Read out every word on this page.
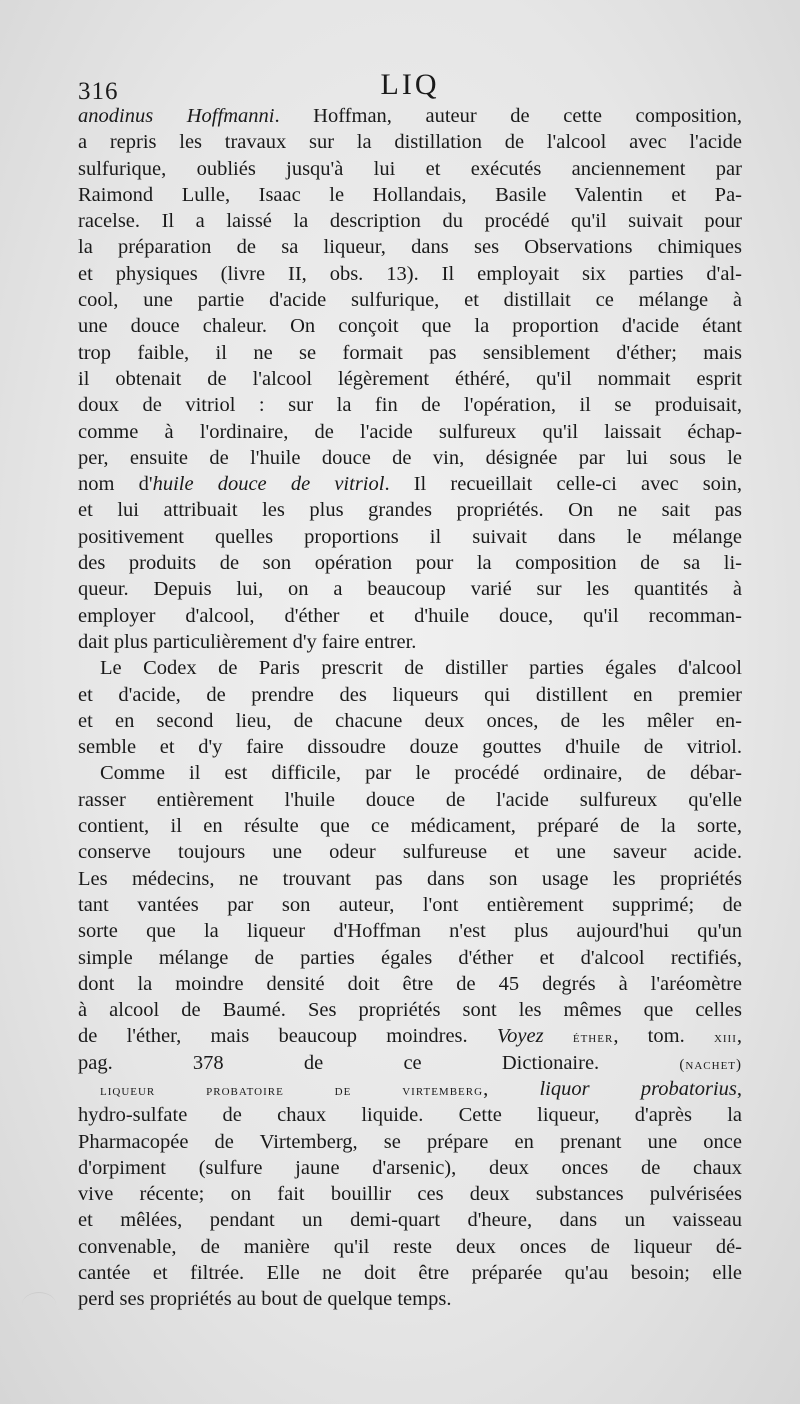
316	LIQ
anodinus Hoffmanni. Hoffman, auteur de cette composition,
a repris les travaux sur la distillation de l'alcool avec l'acide
sulfurique, oubliés jusqu'à lui et exécutés anciennement par
Raimond Lulle, Isaac le Hollandais, Basile Valentin et Pa-
racelse. Il a laissé la description du procédé qu'il suivait pour
la préparation de sa liqueur, dans ses Observations chimiques
et physiques (livre II, obs. 13). Il employait six parties d'al-
cool, une partie d'acide sulfurique, et distillait ce mélange à
une douce chaleur. On conçoit que la proportion d'acide étant
trop faible, il ne se formait pas sensiblement d'éther; mais
il obtenait de l'alcool légèrement éthéré, qu'il nommait esprit
doux de vitriol : sur la fin de l'opération, il se produisait,
comme à l'ordinaire, de l'acide sulfureux qu'il laissait échap-
per, ensuite de l'huile douce de vin, désignée par lui sous le
nom d'huile douce de vitriol. Il recueillait celle-ci avec soin,
et lui attribuait les plus grandes propriétés. On ne sait pas
positivement quelles proportions il suivait dans le mélange
des produits de son opération pour la composition de sa li-
queur. Depuis lui, on a beaucoup varié sur les quantités à
employer d'alcool, d'éther et d'huile douce, qu'il recomman-
dait plus particulièrement d'y faire entrer.
Le Codex de Paris prescrit de distiller parties égales d'alcool
et d'acide, de prendre des liqueurs qui distillent en premier
et en second lieu, de chacune deux onces, de les mêler en-
semble et d'y faire dissoudre douze gouttes d'huile de vitriol.
Comme il est difficile, par le procédé ordinaire, de débar-
rasser entièrement l'huile douce de l'acide sulfureux qu'elle
contient, il en résulte que ce médicament, préparé de la sorte,
conserve toujours une odeur sulfureuse et une saveur acide.
Les médecins, ne trouvant pas dans son usage les propriétés
tant vantées par son auteur, l'ont entièrement supprimé; de
sorte que la liqueur d'Hoffman n'est plus aujourd'hui qu'un
simple mélange de parties égales d'éther et d'alcool rectifiés,
dont la moindre densité doit être de 45 degrés à l'aréomètre
à alcool de Baumé. Ses propriétés sont les mêmes que celles
de l'éther, mais beaucoup moindres. Voyez éther, tom. xiii,
pag. 378 de ce Dictionaire.	(nachet)
liqueur probatoire de virtemberg, liquor probatorius,
hydro-sulfate de chaux liquide. Cette liqueur, d'après la
Pharmacopée de Virtemberg, se prépare en prenant une once
d'orpiment (sulfure jaune d'arsenic), deux onces de chaux
vive récente; on fait bouillir ces deux substances pulvérisées
et mêlées, pendant un demi-quart d'heure, dans un vaisseau
convenable, de manière qu'il reste deux onces de liqueur dé-
cantée et filtrée. Elle ne doit être préparée qu'au besoin; elle
perd ses propriétés au bout de quelque temps.
